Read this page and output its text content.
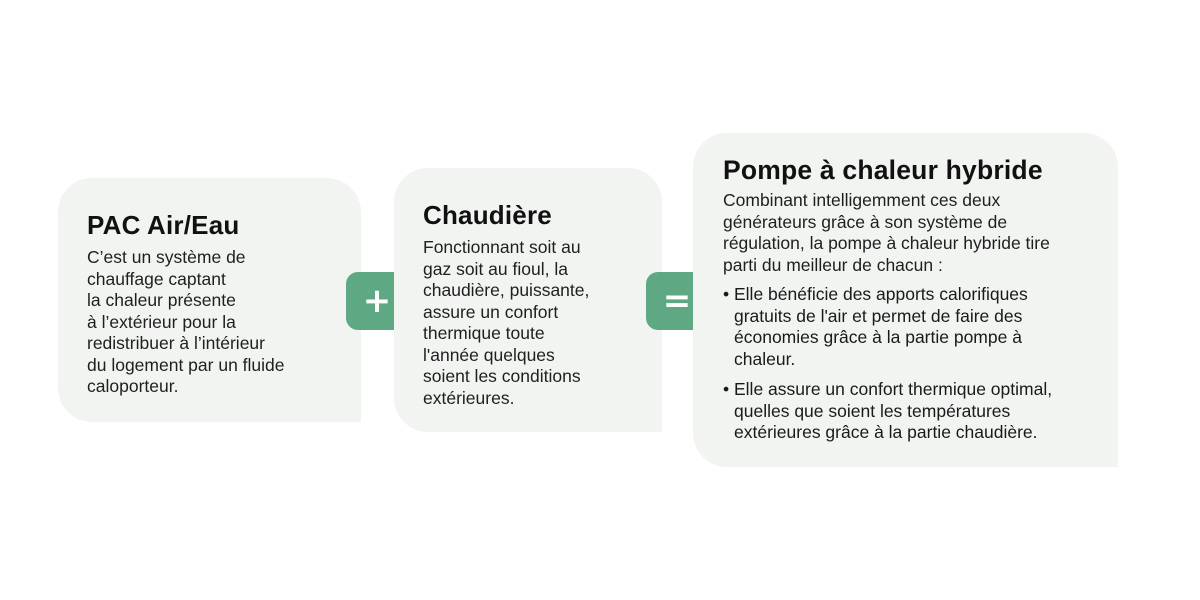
PAC Air/Eau

C’est un système de
chauffage captant
la chaleur présente
à l’extérieur pour la
redistribuer à l’intérieur
du logement par un fluide
caloporteur.

+
Chaudière

Fonctionnant soit au
gaz soit au fioul, la
chaudière, puissante,
assure un confort
thermique toute
l'année quelques
soient les conditions
extérieures.

=
Pompe à chaleur hybride

Combinant intelligemment ces deux
générateurs grâce à son système de
régulation, la pompe à chaleur hybride tire
parti du meilleur de chacun :

• Elle bénéficie des apports calorifiques
gratuits de l'air et permet de faire des
économies grâce à la partie pompe à
chaleur.
• Elle assure un confort thermique optimal,
quelles que soient les températures
extérieures grâce à la partie chaudière.
